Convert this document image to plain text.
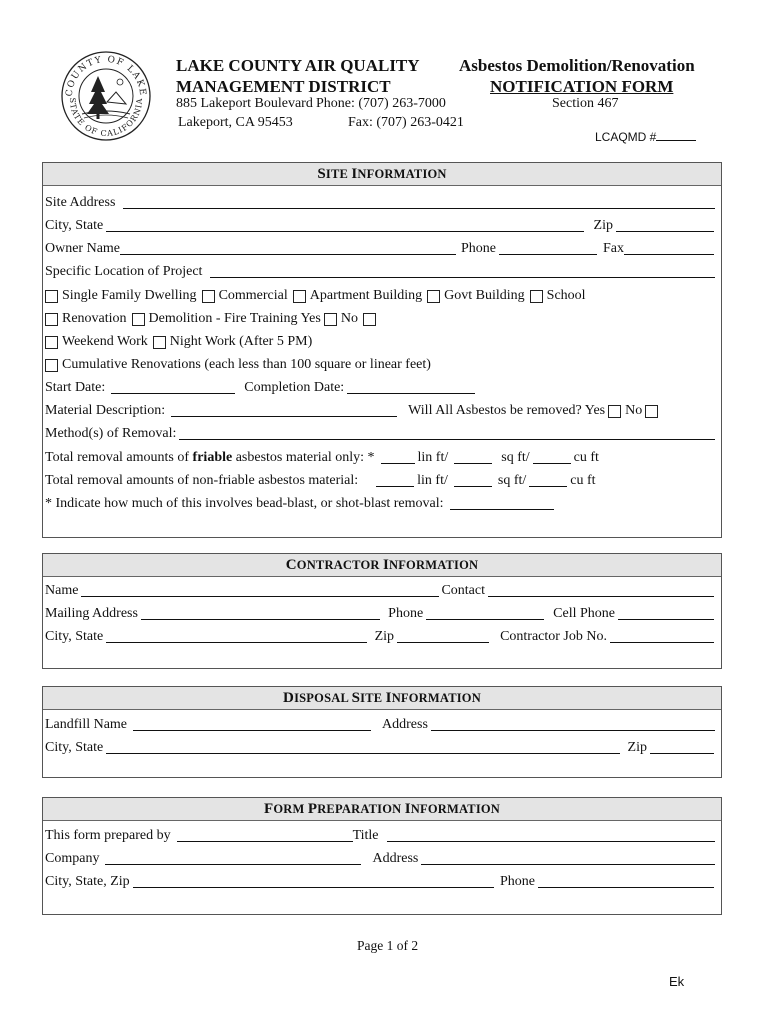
COUNTY OF LAKE
STATE OF CALIFORNIA
LAKE COUNTY AIR QUALITY
MANAGEMENT DISTRICT
885 Lakeport Boulevard Phone: (707) 263-7000
Lakeport, CA 95453	Fax: (707) 263-0421
Asbestos Demolition/Renovation
NOTIFICATION FORM
Section 467
LCAQMD #
SITE INFORMATION
Site Address
City, State	Zip
Owner Name	Phone	Fax
Specific Location of Project
Single Family Dwelling Commercial Apartment Building Govt Building School
Renovation Demolition - Fire Training Yes No
Weekend Work Night Work (After 5 PM)
Cumulative Renovations (each less than 100 square or linear feet)
Start Date:	Completion Date:
Material Description:	Will All Asbestos be removed? Yes No
Method(s) of Removal:
Total removal amounts of friable asbestos material only: *	lin ft/	sq ft/	cu ft
Total removal amounts of non-friable asbestos material:	lin ft/	sq ft/	cu ft
* Indicate how much of this involves bead-blast, or shot-blast removal:
CONTRACTOR INFORMATION
Name	Contact
Mailing Address	Phone	Cell Phone
City, State	Zip	Contractor Job No.
DISPOSAL SITE INFORMATION
Landfill Name	Address
City, State	Zip
FORM PREPARATION INFORMATION
This form prepared by	Title
Company	Address
City, State, Zip	Phone
Page 1 of 2
Ek
